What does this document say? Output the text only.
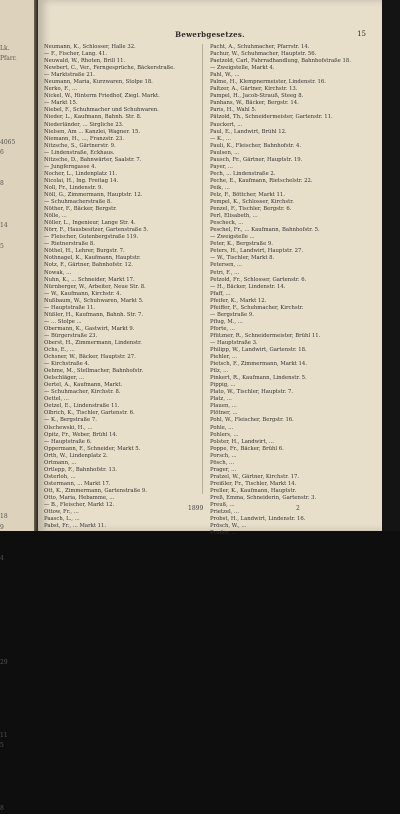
Lk.
Pfarr.

4065
6

8

14

5

18
9

4

29

11
5

8
Bewerbgesetzes.	15
Neumann, K., Schlosser, Halle 32.
— F., Fischer, Lang. 41.
Neuwald, W., Rhoten, Brill 11.
Newbert, C., Ver., Ferngesprüche, Bäckerstraße.
— Marktstraße 21.
Neumann, Maria, Kurzwaren, Stolpe 18.
Nerko, F., ...
Nickel, W., Hinterm Friedhof, Ziegl. Markt.
— Markt 15.
Niebel, F., Schuhmacher und Schuhwaren.
Nieder, L., Kaufmann, Bahnh. Str. 8.
Niederländer, ... Sirgliche 23.
Nielsen, Am ... Kanzlei, Wagner. 15.
Niemann, H., ..., Franzstr. 23.
Nitzsche, S., Gärtnerstr. 9.
— Lindenstraße, Eckhaus.
Nitzsche, D., Bahnwärter, Saalstr. 7.
— Jungferngasse 4.
Nocher, L., Lindenplatz 11.
Nicolai, H., Ing. Freitag 14.
Noll, Fr., Lindenstr. 9.
Nöll, G., Zimmermann, Hauptstr. 12.
— Schuhmacherstraße 8.
Nöther, F., Bäcker, Bergstr.
Nölle, ...
Nöller, L., Ingenieur, Lange Str. 4.
Nörr, F., Hausbesitzer, Gartenstraße 5.
— Fleischer, Gutenbergstraße 119.
— Rietnerstraße 8.
Nöthel, H., Lehrer, Burgstr. 7.
Nothnagel, K., Kaufmann, Hauptstr.
Notz, F., Gärtner, Bahnhofstr. 12.
Nowak, ...
Nuhn, K., ... Schneider, Markt 17.
Nürnberger, W., Arbeiter, Neue Str. 8.
— W., Kaufmann, Kirchstr. 4.
Nußbaum, W., Schuhwaren, Markt 5.
— Hauptstraße 11.
Nüßler, H., Kaufmann, Bahnh. Str. 7.
— ... Stolpe ...
Obermann, K., Gastwirt, Markt 9.
— Bürgerstraße 23.
Oberst, H., Zimmermann, Lindenstr.
Ochs, E., ...
Ochsner, W., Bäcker, Hauptstr. 27.
— Kirchstraße 4.
Oehme, M., Stellmacher, Bahnhofstr.
Oelschläger, ...
Oertel, A., Kaufmann, Markt.
— Schuhmacher, Kirchstr. 8.
Oettel, ...
Oetzel, E., Lindenstraße 11.
Olbrich, K., Tischler, Gartenstr. 6.
— K., Bergstraße 7.
Olschewski, H., ...
Opitz, Fr., Weber, Brühl 14.
— Hauptstraße 6.
Oppermann, F., Schneider, Markt 5.
Orth, W., Lindenplatz 2.
Ortmann, ...
Ortlepp, F., Bahnhofstr. 13.
Osterloh, ...
Ostermann, ... Markt 17.
Ott, K., Zimmermann, Gartenstraße 9.
Otto, Maria, Hebamme, ...
— B., Fleischer, Markt 12.
Ottow, Fr., ...
Paasch, L., ...
Pabst, Fr., ... Markt 11.
Pacht, A., Schuhmacher, Pfarrstr. 14.
Pachur, W., Schuhmacher, Hauptstr. 56.
Paetzold, Carl, Fahrradhandlung, Bahnhofstraße 18.
— Zweigstelle, Markt 4.
Pahl, W., ...
Palme, H., Klempnermeister, Lindenstr. 16.
Paltzer, A., Gärtner, Kirchstr. 13.
Pampel, H., Jacob-Strauß, Steeg 8.
Panhans, W., Bäcker, Bergstr. 14.
Paris, H., Wahl 5.
Pätzold, Th., Schneidermeister, Gartenstr. 11.
Pauckert, ...
Paul, E., Landwirt, Brühl 12.
— K., ...
Pauli, K., Fleischer, Bahnhofstr. 4.
Paulsen, ...
Pausch, Fr., Gärtner, Hauptstr. 19.
Payer, ...
Pech, ... Lindenstraße 2.
Peche, E., Kaufmann, Rietschelstr. 22.
Peik, ...
Pelz, F., Böttcher, Markt 11.
Pempel, K., Schlosser, Kirchstr.
Penzel, F., Tischler, Bergstr. 6.
Perl, Elisabeth, ...
Pescheck, ...
Peschel, Fr., ... Kaufmann, Bahnhofstr. 5.
— Zweigstelle ...
Peter, K., Bergstraße 9.
Peters, H., Landwirt, Hauptstr. 27.
— W., Tischler, Markt 8.
Petersen, ...
Petri, F., ...
Petzold, Fr., Schlosser, Gartenstr. 6.
— H., Bäcker, Lindenstr. 14.
Pfaff, ...
Pfeifer, K., Markt 12.
Pfeiffer, F., Schuhmacher, Kirchstr.
— Bergstraße 9.
Pflug, M., ...
Pforte, ...
Pfützner, R., Schneidermeister, Brühl 11.
— Hauptstraße 3.
Philipp, W., Landwirt, Gartenstr. 18.
Piehler, ...
Pietsch, F., Zimmermann, Markt 14.
Pilz, ...
Pinkert, R., Kaufmann, Lindenstr. 5.
Pippig, ...
Plato, W., Tischler, Hauptstr. 7.
Platz, ...
Plauen, ...
Plötner, ...
Pohl, W., Fleischer, Bergstr. 16.
Pohle, ...
Pohlers, ...
Polster, H., Landwirt, ...
Poppe, Fr., Bäcker, Brühl 6.
Porsch, ...
Pösch, ...
Prager, ...
Pratzel, W., Gärtner, Kirchstr. 17.
Preißler, Fr., Tischler, Markt 14.
Preller, K., Kaufmann, Hauptstr.
Preß, Emma, Schneiderin, Gartenstr. 3.
Preuß, ...
Prietzel, ...
Probst, H., Landwirt, Lindenstr. 16.
Prösch, W., ...
Pruder, ...
1899	2
